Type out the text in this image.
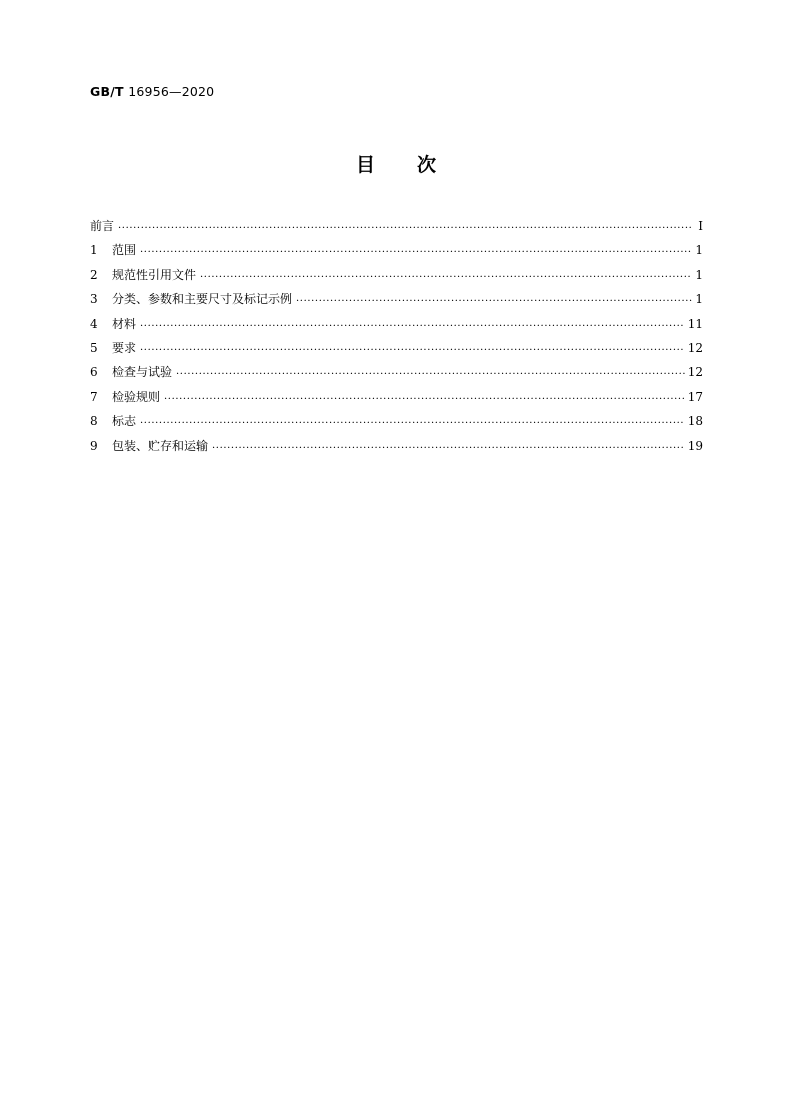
GB/T 16956—2020
目次
前言 ·····	Ⅰ
1	范围 ·····	1
2	规范性引用文件 ·····	1
3	分类、参数和主要尺寸及标记示例 ·····	1
4	材料 ·····	11
5	要求 ·····	12
6	检查与试验 ·····	12
7	检验规则 ·····	17
8	标志 ·····	18
9	包装、贮存和运输 ·····	19
